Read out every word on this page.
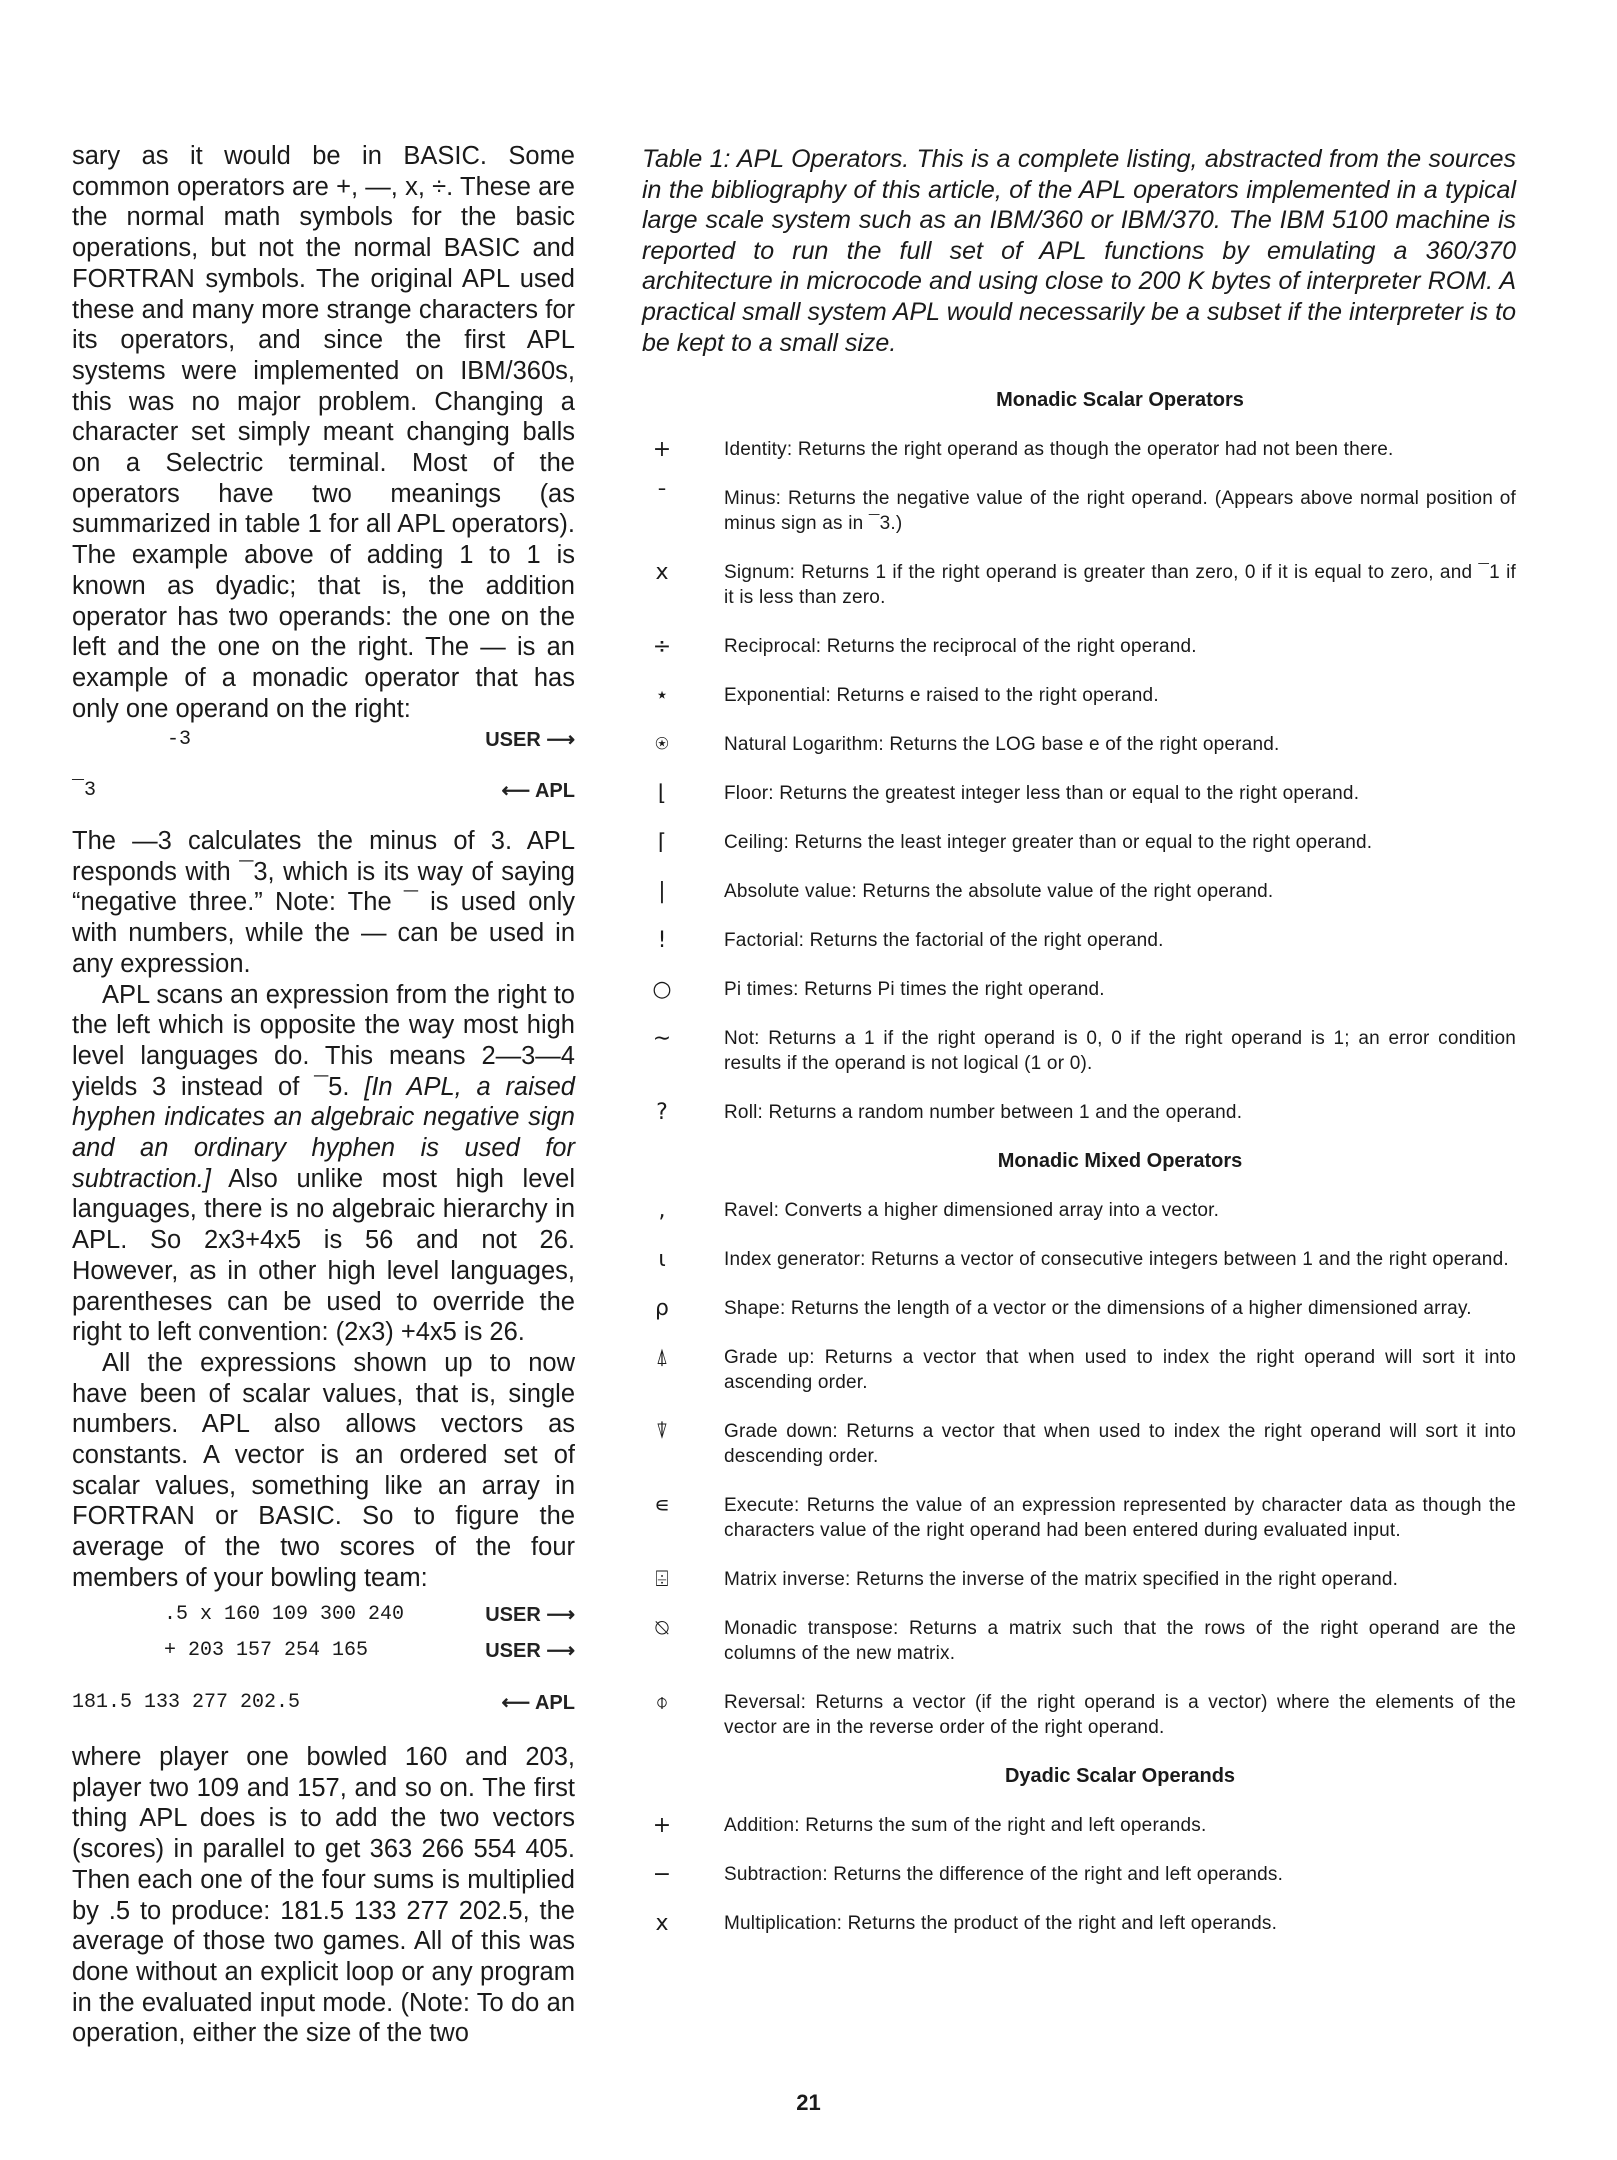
sary as it would be in BASIC. Some common operators are +, —, x, ÷. These are the normal math symbols for the basic operations, but not the normal BASIC and FORTRAN symbols. The original APL used these and many more strange characters for its operators, and since the first APL systems were implemented on IBM/360s, this was no major problem. Changing a character set simply meant changing balls on a Selectric terminal. Most of the operators have two meanings (as summarized in table 1 for all APL operators). The example above of adding 1 to 1 is known as dyadic; that is, the addition operator has two operands: the one on the left and the one on the right. The — is an example of a monadic operator that has only one operand on the right:

-3	USER ⟶
¯3	⟵ APL

The —3 calculates the minus of 3. APL responds with ¯3, which is its way of saying “negative three.” Note: The ¯ is used only with numbers, while the — can be used in any expression.

APL scans an expression from the right to the left which is opposite the way most high level languages do. This means 2—3—4 yields 3 instead of ¯5. [In APL, a raised hyphen indicates an algebraic negative sign and an ordinary hyphen is used for subtraction.] Also unlike most high level languages, there is no algebraic hierarchy in APL. So 2x3+4x5 is 56 and not 26. However, as in other high level languages, parentheses can be used to override the right to left convention: (2x3) +4x5 is 26.

All the expressions shown up to now have been of scalar values, that is, single numbers. APL also allows vectors as constants. A vector is an ordered set of scalar values, something like an array in FORTRAN or BASIC. So to figure the average of the two scores of the four members of your bowling team:

.5 x 160 109 300 240	USER ⟶
+ 203 157 254 165	USER ⟶
181.5 133 277 202.5	⟵ APL

where player one bowled 160 and 203, player two 109 and 157, and so on. The first thing APL does is to add the two vectors (scores) in parallel to get 363 266 554 405. Then each one of the four sums is multiplied by .5 to produce: 181.5 133 277 202.5, the average of those two games. All of this was done without an explicit loop or any program in the evaluated input mode. (Note: To do an operation, either the size of the two

Table 1: APL Operators. This is a complete listing, abstracted from the sources in the bibliography of this article, of the APL operators implemented in a typical large scale system such as an IBM/360 or IBM/370. The IBM 5100 machine is reported to run the full set of APL functions by emulating a 360/370 architecture in microcode and using close to 200 K bytes of interpreter ROM. A practical small system APL would necessarily be a subset if the interpreter is to be kept to a small size.
Monadic Scalar Operators
+	Identity: Returns the right operand as though the operator had not been there.
¯	Minus: Returns the negative value of the right operand. (Appears above normal position of minus sign as in ¯3.)
x	Signum: Returns 1 if the right operand is greater than zero, 0 if it is equal to zero, and ¯1 if it is less than zero.
÷	Reciprocal: Returns the reciprocal of the right operand.
⋆	Exponential: Returns e raised to the right operand.
⍟	Natural Logarithm: Returns the LOG base e of the right operand.
⌊	Floor: Returns the greatest integer less than or equal to the right operand.
⌈	Ceiling: Returns the least integer greater than or equal to the right operand.
|	Absolute value: Returns the absolute value of the right operand.
!	Factorial: Returns the factorial of the right operand.
○	Pi times: Returns Pi times the right operand.
∼	Not: Returns a 1 if the right operand is 0, 0 if the right operand is 1; an error condition results if the operand is not logical (1 or 0).
?	Roll: Returns a random number between 1 and the operand.
Monadic Mixed Operators
,	Ravel: Converts a higher dimensioned array into a vector.
⍳	Index generator: Returns a vector of consecutive integers between 1 and the right operand.
⍴	Shape: Returns the length of a vector or the dimensions of a higher dimensioned array.
⍋	Grade up: Returns a vector that when used to index the right operand will sort it into ascending order.
⍒	Grade down: Returns a vector that when used to index the right operand will sort it into descending order.
∊	Execute: Returns the value of an expression represented by character data as though the characters value of the right operand had been entered during evaluated input.
⌹	Matrix inverse: Returns the inverse of the matrix specified in the right operand.
⍉	Monadic transpose: Returns a matrix such that the rows of the right operand are the columns of the new matrix.
⌽	Reversal: Returns a vector (if the right operand is a vector) where the elements of the vector are in the reverse order of the right operand.
Dyadic Scalar Operands
+	Addition: Returns the sum of the right and left operands.
−	Subtraction: Returns the difference of the right and left operands.
x	Multiplication: Returns the product of the right and left operands.
21
